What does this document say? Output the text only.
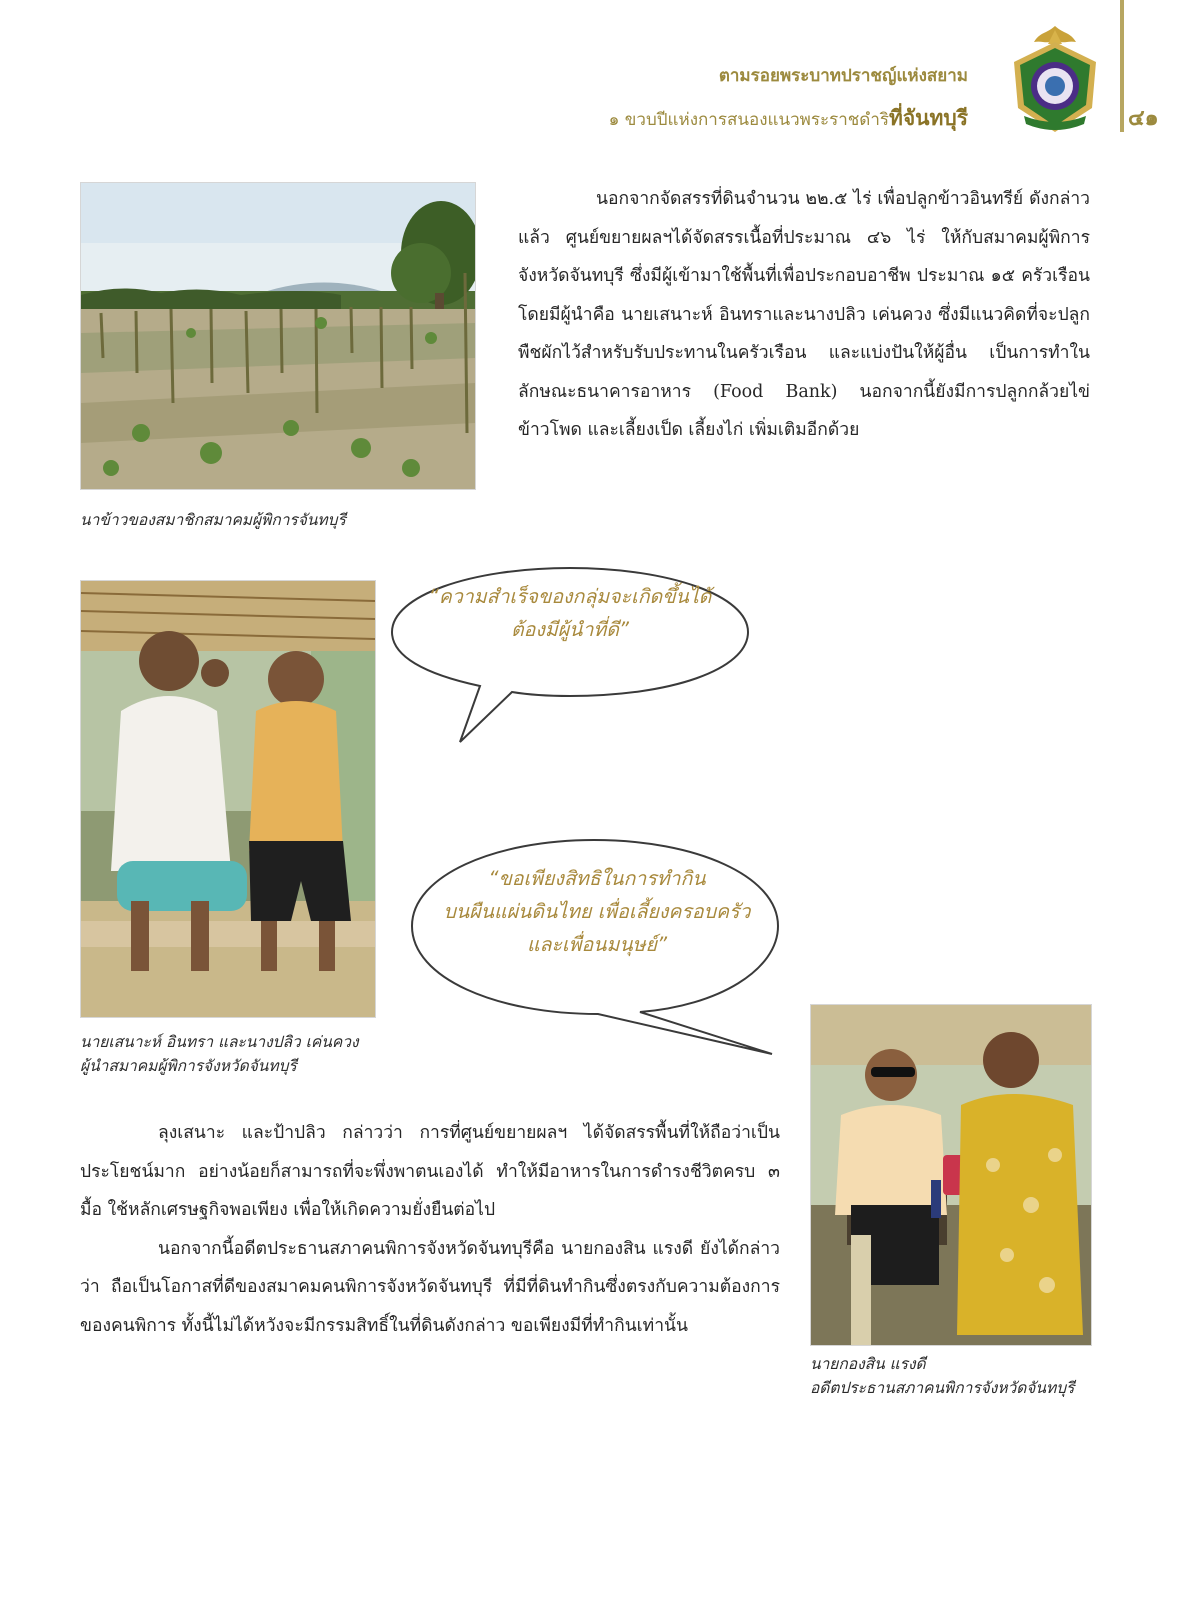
ตามรอยพระบาทปราชญ์แห่งสยาม
๑ ขวบปีแห่งการสนองแนวพระราชดำริที่จันทบุรี	๔๑
นาข้าวของสมาชิกสมาคมผู้พิการจันทบุรี

นอกจากจัดสรรที่ดินจำนวน ๒๒.๕ ไร่ เพื่อปลูกข้าวอินทรีย์ ดังกล่าวแล้ว ศูนย์ขยายผลฯได้จัดสรรเนื้อที่ประมาณ ๔๖ ไร่ ให้กับสมาคมผู้พิการจังหวัดจันทบุรี ซึ่งมีผู้เข้ามาใช้พื้นที่เพื่อประกอบอาชีพ ประมาณ ๑๕ ครัวเรือน โดยมีผู้นำคือ นายเสนาะห์ อินทราและนางปลิว เค่นควง ซึ่งมีแนวคิดที่จะปลูกพืชผักไว้สำหรับรับประทานในครัวเรือน และแบ่งปันให้ผู้อื่น เป็นการทำในลักษณะธนาคารอาหาร (Food Bank) นอกจากนี้ยังมีการปลูกกล้วยไข่ ข้าวโพด และเลี้ยงเป็ด เลี้ยงไก่ เพิ่มเติมอีกด้วย

นายเสนาะห์ อินทรา และนางปลิว เค่นควง
ผู้นำสมาคมผู้พิการจังหวัดจันทบุรี
“ความสำเร็จของกลุ่มจะเกิดขึ้นได้
ต้องมีผู้นำที่ดี”
“ขอเพียงสิทธิในการทำกิน
บนผืนแผ่นดินไทย เพื่อเลี้ยงครอบครัว
และเพื่อนมนุษย์”
นายกองสิน แรงดี
อดีตประธานสภาคนพิการจังหวัดจันทบุรี

ลุงเสนาะ และป้าปลิว กล่าวว่า การที่ศูนย์ขยายผลฯ ได้จัดสรรพื้นที่ให้ถือว่าเป็นประโยชน์มาก อย่างน้อยก็สามารถที่จะพึ่งพาตนเองได้ ทำให้มีอาหารในการดำรงชีวิตครบ ๓ มื้อ ใช้หลักเศรษฐกิจพอเพียง เพื่อให้เกิดความยั่งยืนต่อไป

นอกจากนี้อดีตประธานสภาคนพิการจังหวัดจันทบุรีคือ นายกองสิน แรงดี ยังได้กล่าวว่า ถือเป็นโอกาสที่ดีของสมาคมคนพิการจังหวัดจันทบุรี ที่มีที่ดินทำกินซึ่งตรงกับความต้องการของคนพิการ ทั้งนี้ไม่ได้หวังจะมีกรรมสิทธิ์ในที่ดินดังกล่าว ขอเพียงมีที่ทำกินเท่านั้น
